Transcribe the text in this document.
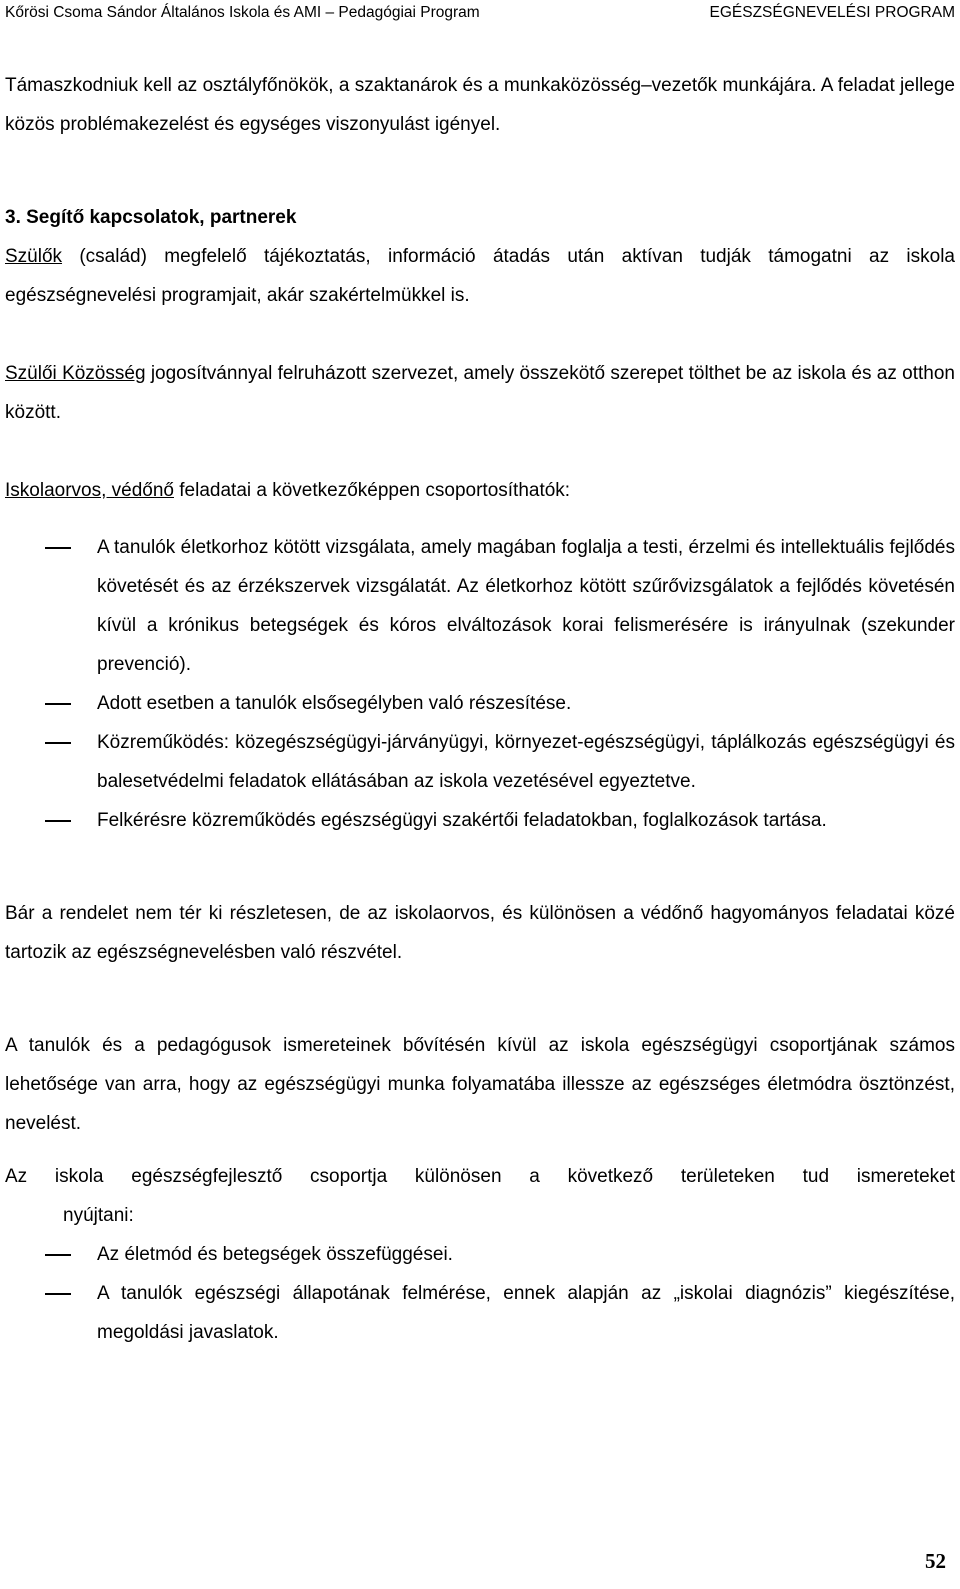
Kőrösi Csoma Sándor Általános Iskola és AMI – Pedagógiai Program	EGÉSZSÉGNEVELÉSI PROGRAM

Támaszkodniuk kell az osztályfőnökök, a szaktanárok és a munkaközösség–vezetők munkájára. A feladat jellege közös problémakezelést és egységes viszonyulást igényel.

3. Segítő kapcsolatok, partnerek

Szülők (család) megfelelő tájékoztatás, információ átadás után aktívan tudják támogatni az iskola egészségnevelési programjait, akár szakértelmükkel is.

Szülői Közösség jogosítvánnyal felruházott szervezet, amely összekötő szerepet tölthet be az iskola és az otthon között.

Iskolaorvos, védőnő feladatai a következőképpen csoportosíthatók:

A tanulók életkorhoz kötött vizsgálata, amely magában foglalja a testi, érzelmi és intellektuális fejlődés követését és az érzékszervek vizsgálatát. Az életkorhoz kötött szűrővizsgálatok a fejlődés követésén kívül a krónikus betegségek és kóros elváltozások korai felismerésére is irányulnak (szekunder prevenció).
Adott esetben a tanulók elsősegélyben való részesítése.
Közreműködés: közegészségügyi-járványügyi, környezet-egészségügyi, táplálkozás egészségügyi és balesetvédelmi feladatok ellátásában az iskola vezetésével egyeztetve.
Felkérésre közreműködés egészségügyi szakértői feladatokban, foglalkozások tartása.

Bár a rendelet nem tér ki részletesen, de az iskolaorvos, és különösen a védőnő hagyományos feladatai közé tartozik az egészségnevelésben való részvétel.

A tanulók és a pedagógusok ismereteinek bővítésén kívül az iskola egészségügyi csoportjának számos lehetősége van arra, hogy az egészségügyi munka folyamatába illessze az egészséges életmódra ösztönzést, nevelést.

Az iskola egészségfejlesztő csoportja különösen a következő területeken tud ismereteket

nyújtani:

Az életmód és betegségek összefüggései.
A tanulók egészségi állapotának felmérése, ennek alapján az „iskolai diagnózis” kiegészítése, megoldási javaslatok.
52
